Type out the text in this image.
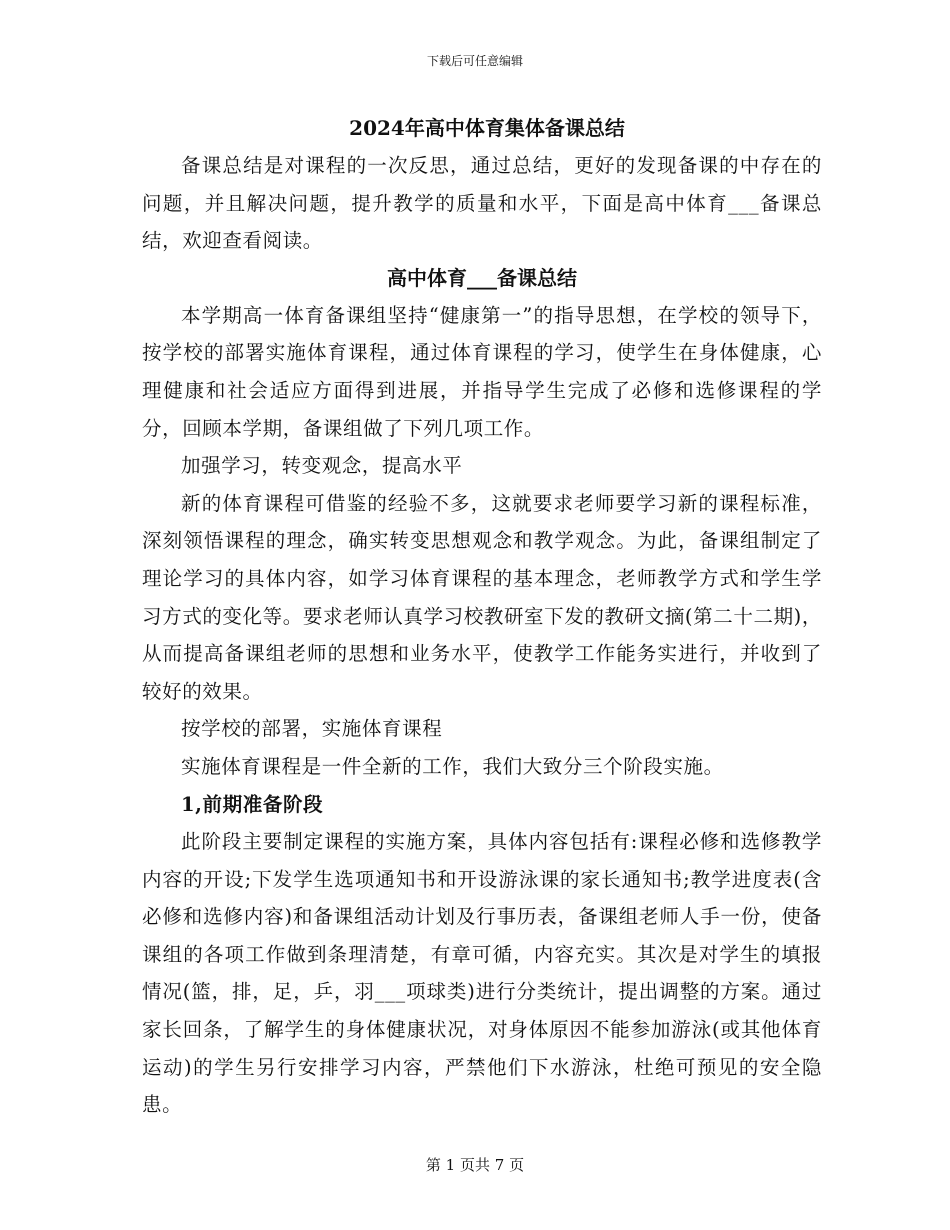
下载后可任意编辑

2024年高中体育集体备课总结

备课总结是对课程的一次反思，通过总结，更好的发现备课的中存在的问题，并且解决问题，提升教学的质量和水平，下面是高中体育___备课总结，欢迎查看阅读。

高中体育___备课总结

本学期高一体育备课组坚持“健康第一”的指导思想，在学校的领导下，按学校的部署实施体育课程，通过体育课程的学习，使学生在身体健康，心理健康和社会适应方面得到进展，并指导学生完成了必修和选修课程的学分，回顾本学期，备课组做了下列几项工作。

加强学习，转变观念，提高水平

新的体育课程可借鉴的经验不多，这就要求老师要学习新的课程标准，深刻领悟课程的理念，确实转变思想观念和教学观念。为此，备课组制定了理论学习的具体内容，如学习体育课程的基本理念，老师教学方式和学生学习方式的变化等。要求老师认真学习校教研室下发的教研文摘(第二十二期)，从而提高备课组老师的思想和业务水平，使教学工作能务实进行，并收到了较好的效果。

按学校的部署，实施体育课程

实施体育课程是一件全新的工作，我们大致分三个阶段实施。

1,前期准备阶段

此阶段主要制定课程的实施方案，具体内容包括有:课程必修和选修教学内容的开设;下发学生选项通知书和开设游泳课的家长通知书;教学进度表(含必修和选修内容)和备课组活动计划及行事历表，备课组老师人手一份，使备课组的各项工作做到条理清楚，有章可循，内容充实。其次是对学生的填报情况(篮，排，足，乒，羽___项球类)进行分类统计，提出调整的方案。通过家长回条，了解学生的身体健康状况，对身体原因不能参加游泳(或其他体育运动)的学生另行安排学习内容，严禁他们下水游泳，杜绝可预见的安全隐患。

第 1 页共 7 页
